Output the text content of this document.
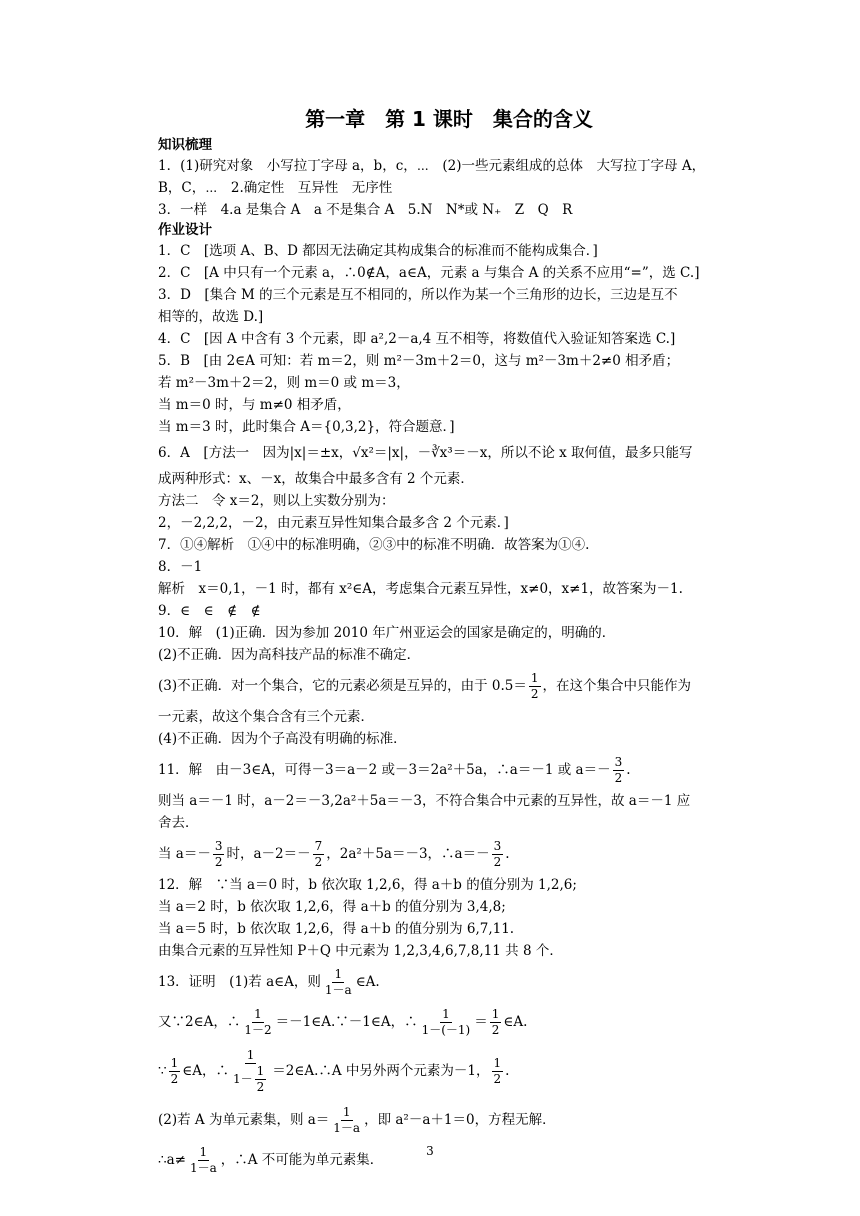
第一章　第 1 课时　集合的含义
知识梳理
1．(1)研究对象　小写拉丁字母 a，b，c，⋯　(2)一些元素组成的总体　大写拉丁字母 A，
B，C，⋯　2.确定性　互异性　无序性
3．一样　4.a 是集合 A　a 不是集合 A　5.N　N*或 N₊　Z　Q　R
作业设计
1．C　[选项 A、B、D 都因无法确定其构成集合的标准而不能构成集合．]
2．C　[A 中只有一个元素 a，∴0∉A，a∈A，元素 a 与集合 A 的关系不应用“=”，选 C.]
3．D　[集合 M 的三个元素是互不相同的，所以作为某一个三角形的边长，三边是互不
相等的，故选 D.]
4．C　[因 A 中含有 3 个元素，即 a²,2－a,4 互不相等，将数值代入验证知答案选 C.]
5．B　[由 2∈A 可知：若 m＝2，则 m²－3m＋2＝0，这与 m²－3m＋2≠0 相矛盾；
若 m²－3m＋2＝2，则 m＝0 或 m＝3，
当 m＝0 时，与 m≠0 相矛盾，
当 m＝3 时，此时集合 A＝{0,3,2}，符合题意．]
6．A　[方法一　因为|x|＝±x，√x²＝|x|，－∛x³＝－x，所以不论 x 取何值，最多只能写
成两种形式：x、－x，故集合中最多含有 2 个元素．
方法二　令 x＝2，则以上实数分别为：
2，－2,2,2，－2，由元素互异性知集合最多含 2 个元素．]
7．①④解析　①④中的标准明确，②③中的标准不明确．故答案为①④.
8．－1
解析　x＝0,1，－1 时，都有 x²∈A，考虑集合元素互异性，x≠0，x≠1，故答案为－1.
9．∈　∈　∉　∉
10．解　(1)正确．因为参加 2010 年广州亚运会的国家是确定的，明确的．
(2)不正确．因为高科技产品的标准不确定．
(3)不正确．对一个集合，它的元素必须是互异的，由于 $0.5= \frac{1}{2}$ ，在这个集合中只能作为
一元素，故这个集合含有三个元素．
(4)不正确．因为个子高没有明确的标准．
11．解　由－3∈A，可得－3＝a－2 或－3＝2a²＋5a，∴a＝－1 或 $a=- \frac{3}{2}$ .
则当 a＝－1 时，a－2＝－3,2a²＋5a＝－3，不符合集合中元素的互异性，故 a＝－1 应
舍去．
当 $a=- \frac{3}{2}$ 时，$a-2=- \frac{7}{2}$ ，2a²＋5a＝－3，∴a＝－ $\frac{3}{2}$ .
12．解　∵当 a＝0 时，b 依次取 1,2,6，得 a＋b 的值分别为 1,2,6;
当 a＝2 时，b 依次取 1,2,6，得 a＋b 的值分别为 3,4,8;
当 a＝5 时，b 依次取 1,2,6，得 a＋b 的值分别为 6,7,11.
由集合元素的互异性知 P＋Q 中元素为 1,2,3,4,6,7,8,11 共 8 个．
13．证明　(1)若 a∈A，则 $\frac{1}{1-a}$ ∈A.
又∵2∈A，∴ $\frac{1}{1-2}$ ＝－1∈A.∵－1∈A，∴ $\frac{1}{1-(-1)} = \frac{1}{2}$ ∈A.
∵ $\frac{1}{2}$ ∈A，∴ $\frac{1}{1- \frac{1}{2}}$ ＝2∈A.∴A 中另外两个元素为－1， $\frac{1}{2}$ .
(2)若 A 为单元素集，则 $a= \frac{1}{1-a}$ ，即 a²－a＋1＝0，方程无解．
∴a≠ $\frac{1}{1-a}$ ，∴A 不可能为单元素集．
3
